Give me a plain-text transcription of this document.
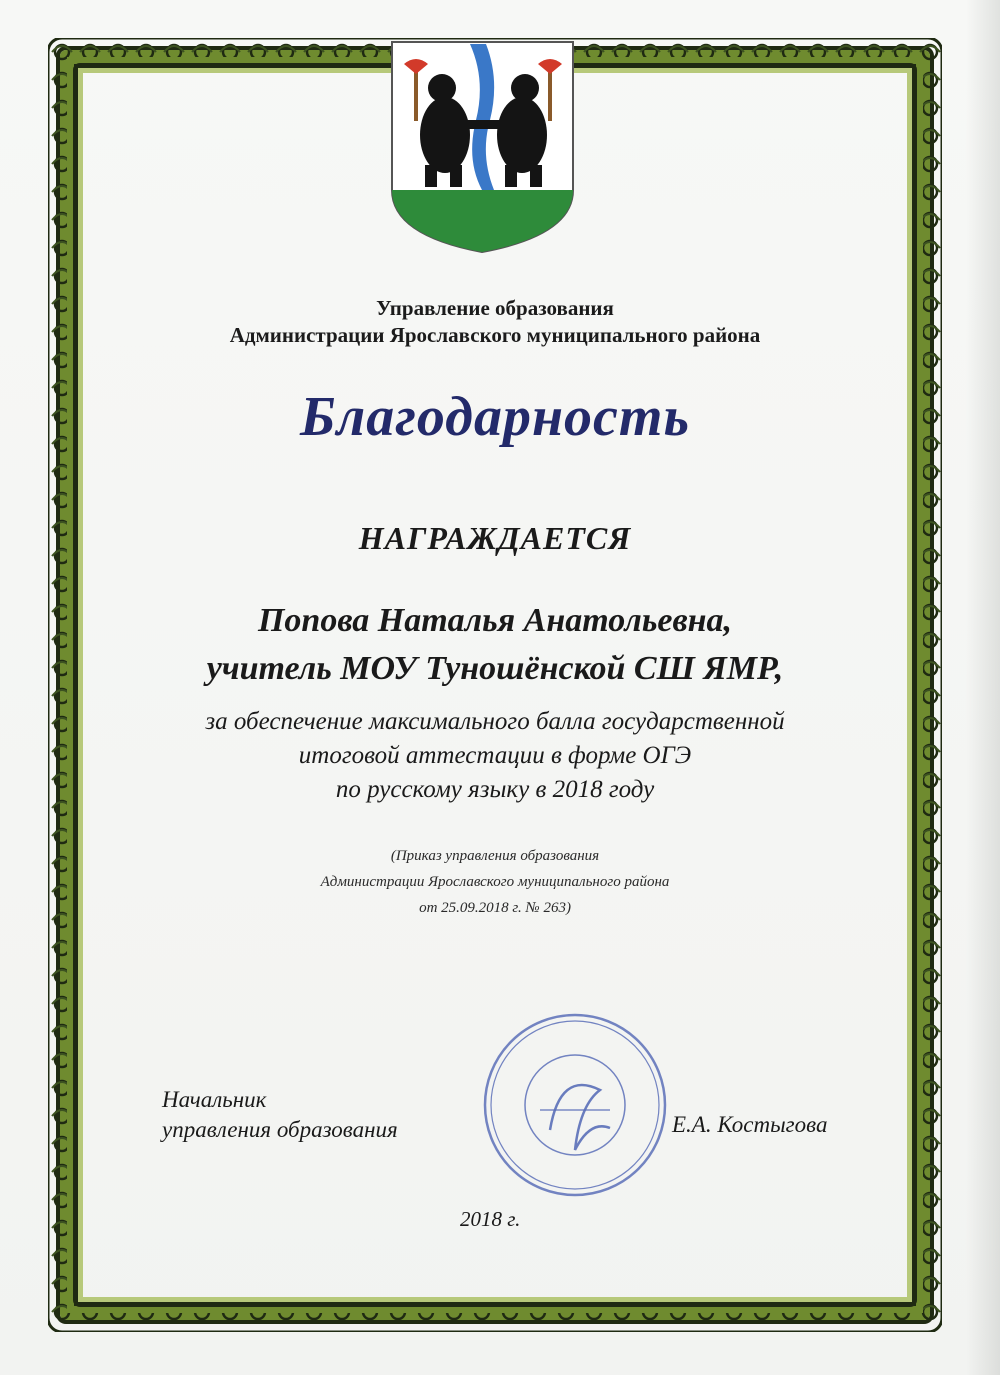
Управление образования
Администрации Ярославского муниципального района
Благодарность
НАГРАЖДАЕТСЯ
Попова Наталья Анатольевна,
учитель МОУ Туношёнской СШ ЯМР,
за обеспечение максимального балла государственной
итоговой аттестации в форме ОГЭ
по русскому языку в 2018 году
(Приказ управления образования
Администрации Ярославского муниципального района
от 25.09.2018 г. № 263)
Начальник
управления образования	Е.А. Костыгова
2018 г.
